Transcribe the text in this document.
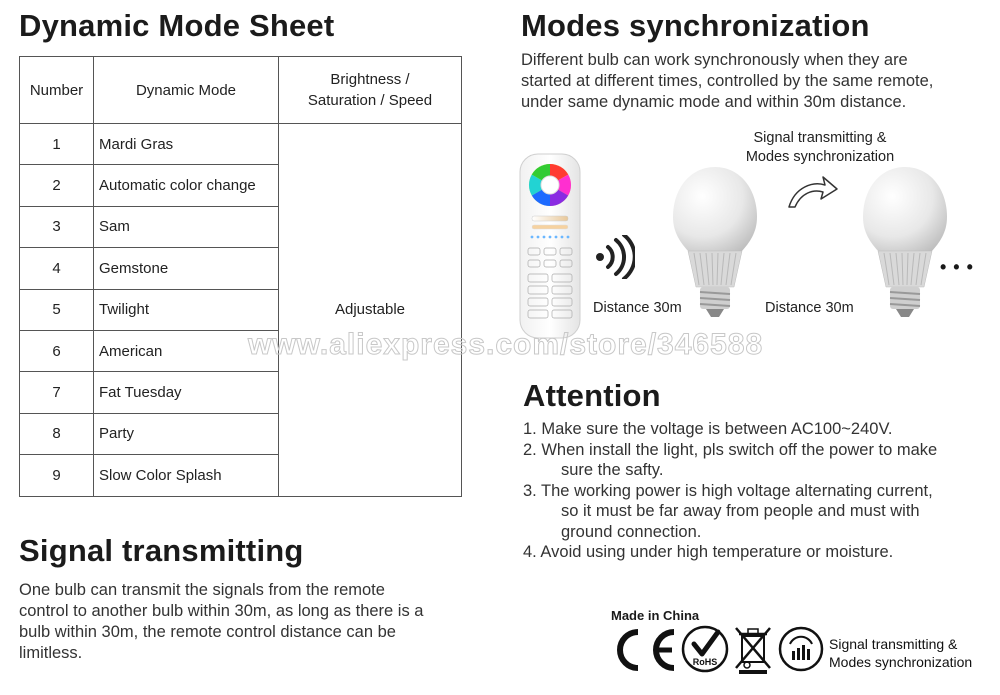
Dynamic Mode Sheet
Number	Dynamic Mode	Brightness /
Saturation / Speed
1	Mardi Gras	Adjustable
2	Automatic color change	
3	Sam	
4	Gemstone	
5	Twilight	
6	American	
7	Fat Tuesday	
8	Party	
9	Slow Color Splash	
Signal transmitting

One bulb can transmit the signals from the remote

control to another bulb within 30m, as long as there is a

bulb within 30m, the remote control distance can be

limitless.

Modes synchronization

Different bulb can work synchronously when they are

started at different times, controlled by the same remote,

under same dynamic mode and within 30m distance.

Signal transmitting &
Modes synchronization
Distance 30m	Distance 30m
• • •
www.aliexpress.com/store/346588
Attention
1. Make sure the voltage is between AC100~240V.
2. When install the light, pls switch off the power to make
sure the safty.
3. The working power is high voltage alternating current,
so it must be far away from people and must with
ground connection.
4. Avoid using under high temperature or moisture.
Made in China
RoHS
Signal transmitting &
Modes synchronization
